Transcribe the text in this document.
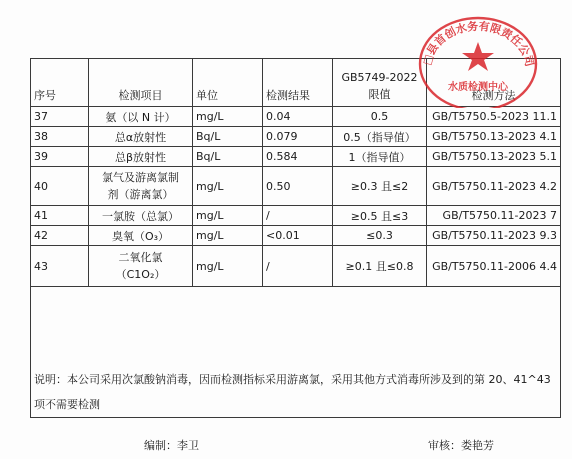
序号	检测项目	单位	检测结果	GB5749-2022
限值	检测方法
37	氨（以 N 计）	mg/L	0.04	0.5	GB/T5750.5-2023 11.1
38	总α放射性	Bq/L	0.079	0.5（指导值）	GB/T5750.13-2023 4.1
39	总β放射性	Bq/L	0.584	1（指导值）	GB/T5750.13-2023 5.1
40	氯气及游离氯制
剂（游离氯）	mg/L	0.50	≥0.3 且≤2	GB/T5750.11-2023 4.2
41	一氯胺（总氯）	mg/L	/	≥0.5 且≤3	GB/T5750.11-2023 7
42	臭氧（O₃）	mg/L	<0.01	≤0.3	GB/T5750.11-2023 9.3
43	二氧化氯
（C1O₂）	mg/L	/	≥0.1 且≤0.8	GB/T5750.11-2006 4.4

说明：本公司采用次氯酸钠消毒，因而检测指标采用游离氯，采用其他方式消毒所涉及到的第 20、41^43
项不需要检测					
编制：李卫	审核：娄艳芳
□县首创水务有限责任公司
水质检测中心
